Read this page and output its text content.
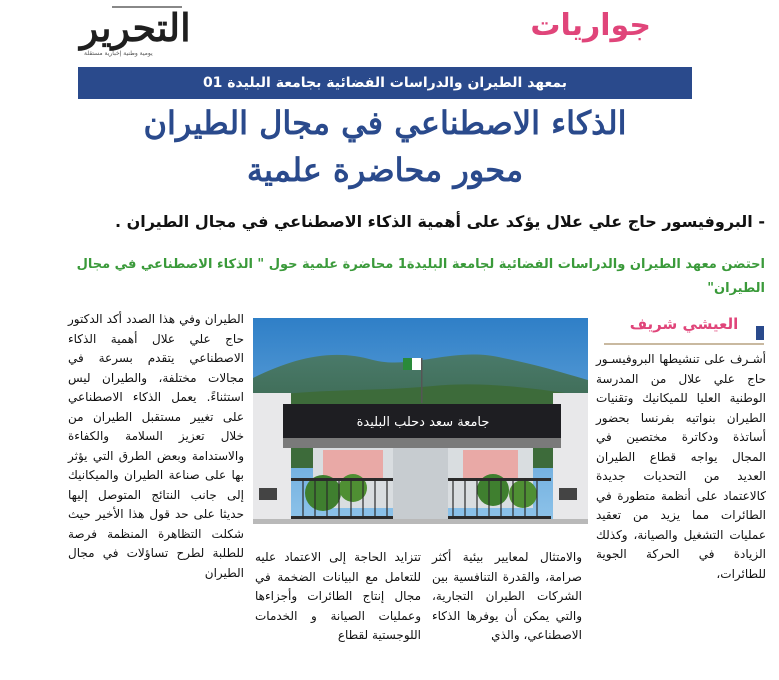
التحرير
يومية وطنية إخبارية مستقلة
جواريات
بمعهد الطيران والدراسات الفضائية بجامعة البليدة 01
الذكاء الاصطناعي في مجال الطيران
محور محاضرة علمية
- البروفيسور حاج علي علال يؤكد على أهمية الذكاء الاصطناعي في مجال الطيران .
احتضن معهد الطيران والدراسات الفضائية لجامعة البليدة1 محاضرة علمية حول " الذكاء الاصطناعي في مجال الطيران"
العيشي شريف
جامعة سعد دحلب البليدة

أشـرف على تنشيطها البروفيسـور حاج علي علال من المدرسة الوطنية العليا للميكانيك وتقنيات الطيران بنواتيه بفرنسا بحضور أساتذة ودكاترة مختصين في المجال يواجه قطاع الطيران العديد من التحديات جديدة كالاعتماد على أنظمة متطورة في الطائرات مما يزيد من تعقيد عمليات التشغيل والصيانة، وكذلك الزيادة في الحركة الجوية للطائرات،

والامتثال لمعايير بيئية أكثر صرامة، والقدرة التنافسية بين الشركات الطيران التجارية، والتي يمكن أن يوفرها الذكاء الاصطناعي، والذي

تتزايد الحاجة إلى الاعتماد عليه للتعامل مع البيانات الضخمة في مجال إنتاج الطائرات وأجزاءها وعمليات الصيانة و الخدمات اللوجستية لقطاع

الطيران وفي هذا الصدد أكد الدكتور حاج علي علال أهمية الذكاء الاصطناعي يتقدم بسرعة في مجالات مختلفة، والطيران ليس استثناءً. يعمل الذكاء الاصطناعي على تغيير مستقبل الطيران من خلال تعزيز السلامة والكفاءة والاستدامة وبعض الطرق التي يؤثر بها على صناعة الطيران والميكانيك إلى جانب النتائج المتوصل إليها حديثا على حد قول هذا الأخير حيث شكلت التظاهرة المنظمة فرصة للطلبة لطرح تساؤلات في مجال الطيران
